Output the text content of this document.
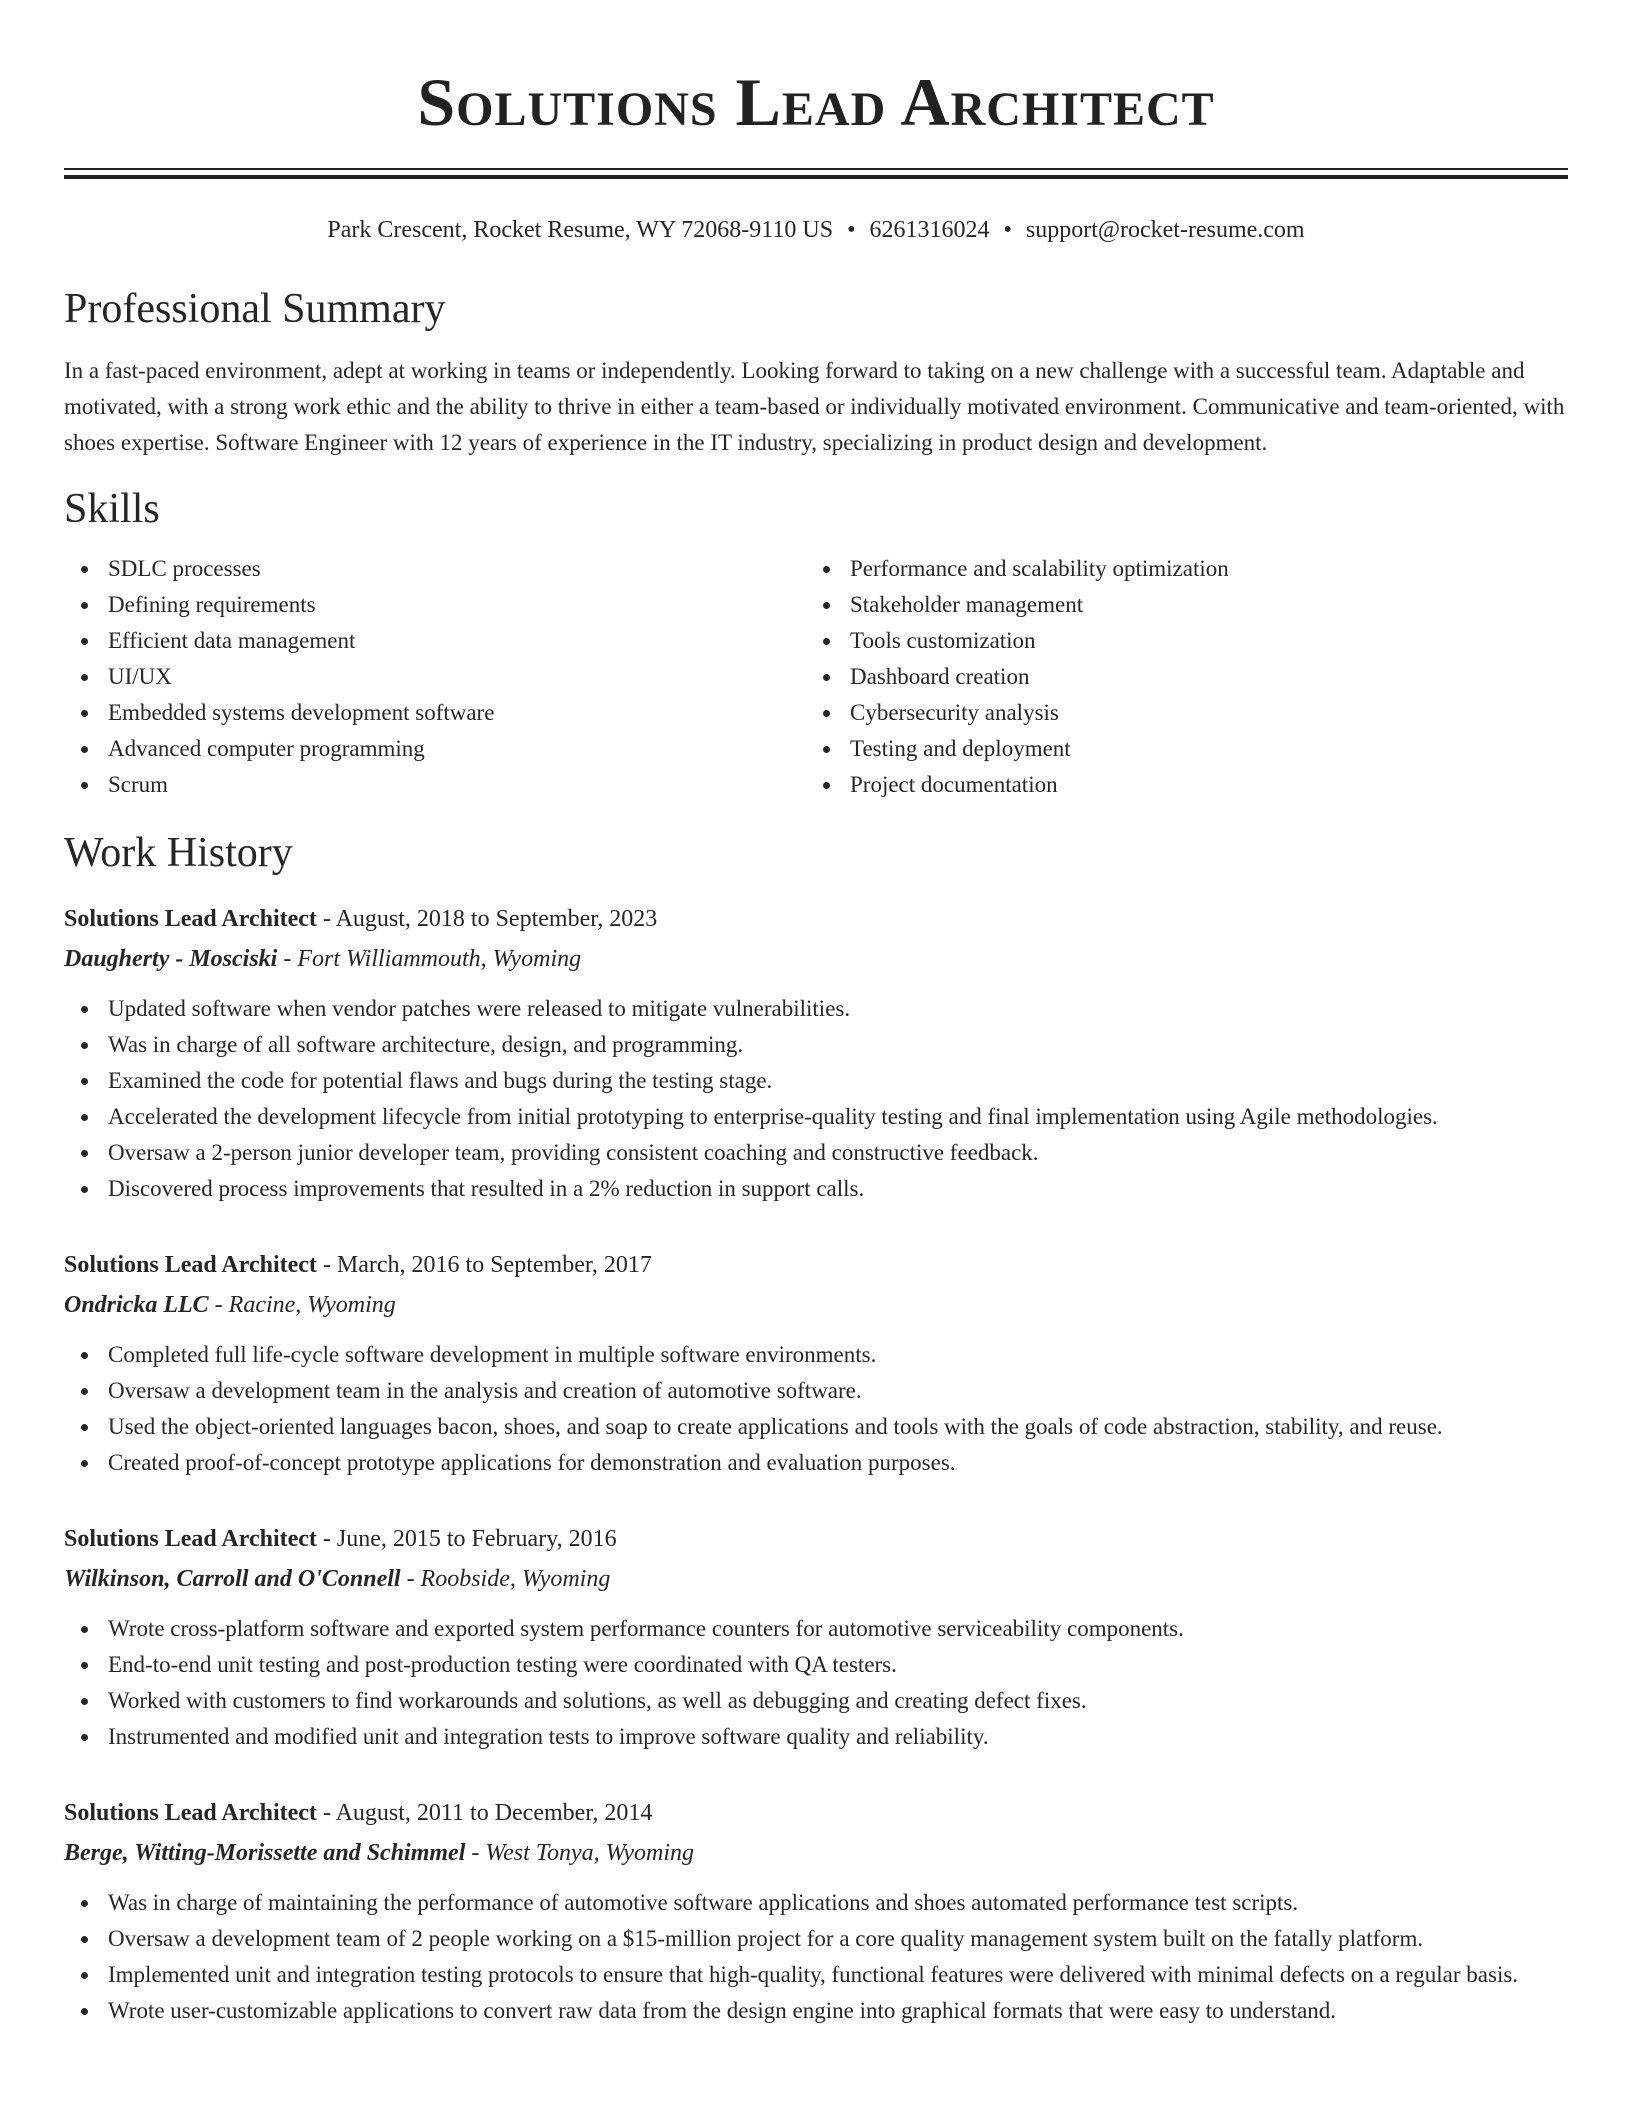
Solutions Lead Architect
Park Crescent, Rocket Resume, WY 72068-9110 US • 6261316024 • support@rocket-resume.com
Professional Summary

In a fast-paced environment, adept at working in teams or independently. Looking forward to taking on a new challenge with a successful team. Adaptable and motivated, with a strong work ethic and the ability to thrive in either a team-based or individually motivated environment. Communicative and team-oriented, with shoes expertise. Software Engineer with 12 years of experience in the IT industry, specializing in product design and development.

Skills
SDLC processes
Defining requirements
Efficient data management
UI/UX
Embedded systems development software
Advanced computer programming
Scrum
Performance and scalability optimization
Stakeholder management
Tools customization
Dashboard creation
Cybersecurity analysis
Testing and deployment
Project documentation
Work History
Solutions Lead Architect - August, 2018 to September, 2023
Daugherty - Mosciski - Fort Williammouth, Wyoming
Updated software when vendor patches were released to mitigate vulnerabilities.
Was in charge of all software architecture, design, and programming.
Examined the code for potential flaws and bugs during the testing stage.
Accelerated the development lifecycle from initial prototyping to enterprise-quality testing and final implementation using Agile methodologies.
Oversaw a 2-person junior developer team, providing consistent coaching and constructive feedback.
Discovered process improvements that resulted in a 2% reduction in support calls.
Solutions Lead Architect - March, 2016 to September, 2017
Ondricka LLC - Racine, Wyoming
Completed full life-cycle software development in multiple software environments.
Oversaw a development team in the analysis and creation of automotive software.
Used the object-oriented languages bacon, shoes, and soap to create applications and tools with the goals of code abstraction, stability, and reuse.
Created proof-of-concept prototype applications for demonstration and evaluation purposes.
Solutions Lead Architect - June, 2015 to February, 2016
Wilkinson, Carroll and O'Connell - Roobside, Wyoming
Wrote cross-platform software and exported system performance counters for automotive serviceability components.
End-to-end unit testing and post-production testing were coordinated with QA testers.
Worked with customers to find workarounds and solutions, as well as debugging and creating defect fixes.
Instrumented and modified unit and integration tests to improve software quality and reliability.
Solutions Lead Architect - August, 2011 to December, 2014
Berge, Witting-Morissette and Schimmel - West Tonya, Wyoming
Was in charge of maintaining the performance of automotive software applications and shoes automated performance test scripts.
Oversaw a development team of 2 people working on a $15-million project for a core quality management system built on the fatally platform.
Implemented unit and integration testing protocols to ensure that high-quality, functional features were delivered with minimal defects on a regular basis.
Wrote user-customizable applications to convert raw data from the design engine into graphical formats that were easy to understand.
